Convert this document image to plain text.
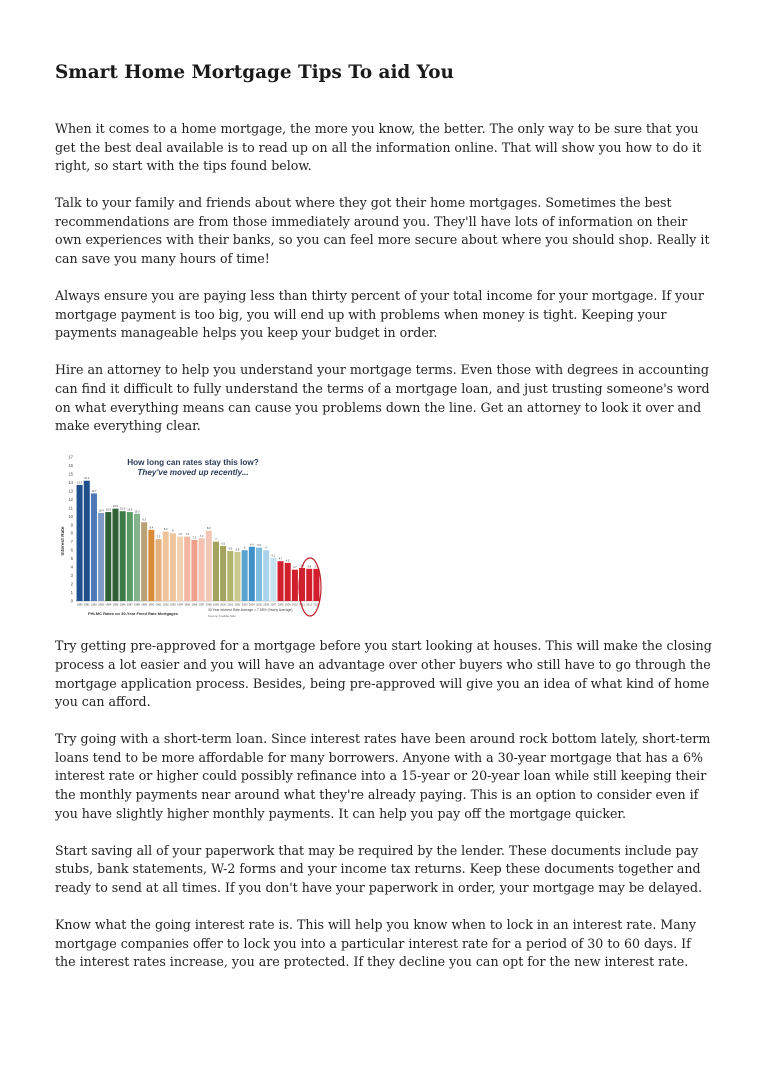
Smart Home Mortgage Tips To aid You

When it comes to a home mortgage, the more you know, the better. The only way to be sure that you get the best deal available is to read up on all the information online. That will show you how to do it right, so start with the tips found below.

Talk to your family and friends about where they got their home mortgages. Sometimes the best recommendations are from those immediately around you. They'll have lots of information on their own experiences with their banks, so you can feel more secure about where you should shop. Really it can save you many hours of time!

Always ensure you are paying less than thirty percent of your total income for your mortgage. If your mortgage payment is too big, you will end up with problems when money is tight. Keeping your payments manageable helps you keep your budget in order.

Hire an attorney to help you understand your mortgage terms. Even those with degrees in accounting can find it difficult to fully understand the terms of a mortgage loan, and just trusting someone's word on what everything means can cause you problems down the line. Get an attorney to look it over and make everything clear.

17
16
15
14
13
12
11
10
9
8
7
6
5
4
3
2
1
0
How long can rates stay this low?
They've moved up recently...
Interest Rate
13.7
14.2
12.7
10.4 10.5
10.9
10.6 10.5
10.3
9.3
8.4
7.3
8.2
8
7.6 7.6
7.2
7.4
8.3
7
6.5
5.9 5.8
6
6.4 6.3
6
5.1
4.7
4.5
3.7
3.9 3.8 3.8
1980 1981 1982 1983 1984 1985 1986 1987 1988 1989 1990 1991 1992 1993 1994 1995 1996 1997 1998 1999 2000 2001 2002 2003 2004 2005 2006 2007 2008 2009 2010 2011 2012 2013
FHLMC Rates on 30-Year Fixed Rate Mortgages
30 Year Interest Rate Average = 7.55% (Yearly Average)
Source: Freddie Mac

Try getting pre-approved for a mortgage before you start looking at houses. This will make the closing process a lot easier and you will have an advantage over other buyers who still have to go through the mortgage application process. Besides, being pre-approved will give you an idea of what kind of home you can afford.

Try going with a short-term loan. Since interest rates have been around rock bottom lately, short-term loans tend to be more affordable for many borrowers. Anyone with a 30-year mortgage that has a 6% interest rate or higher could possibly refinance into a 15-year or 20-year loan while still keeping their the monthly payments near around what they're already paying. This is an option to consider even if you have slightly higher monthly payments. It can help you pay off the mortgage quicker.

Start saving all of your paperwork that may be required by the lender. These documents include pay stubs, bank statements, W-2 forms and your income tax returns. Keep these documents together and ready to send at all times. If you don't have your paperwork in order, your mortgage may be delayed.

Know what the going interest rate is. This will help you know when to lock in an interest rate. Many mortgage companies offer to lock you into a particular interest rate for a period of 30 to 60 days. If the interest rates increase, you are protected. If they decline you can opt for the new interest rate.
